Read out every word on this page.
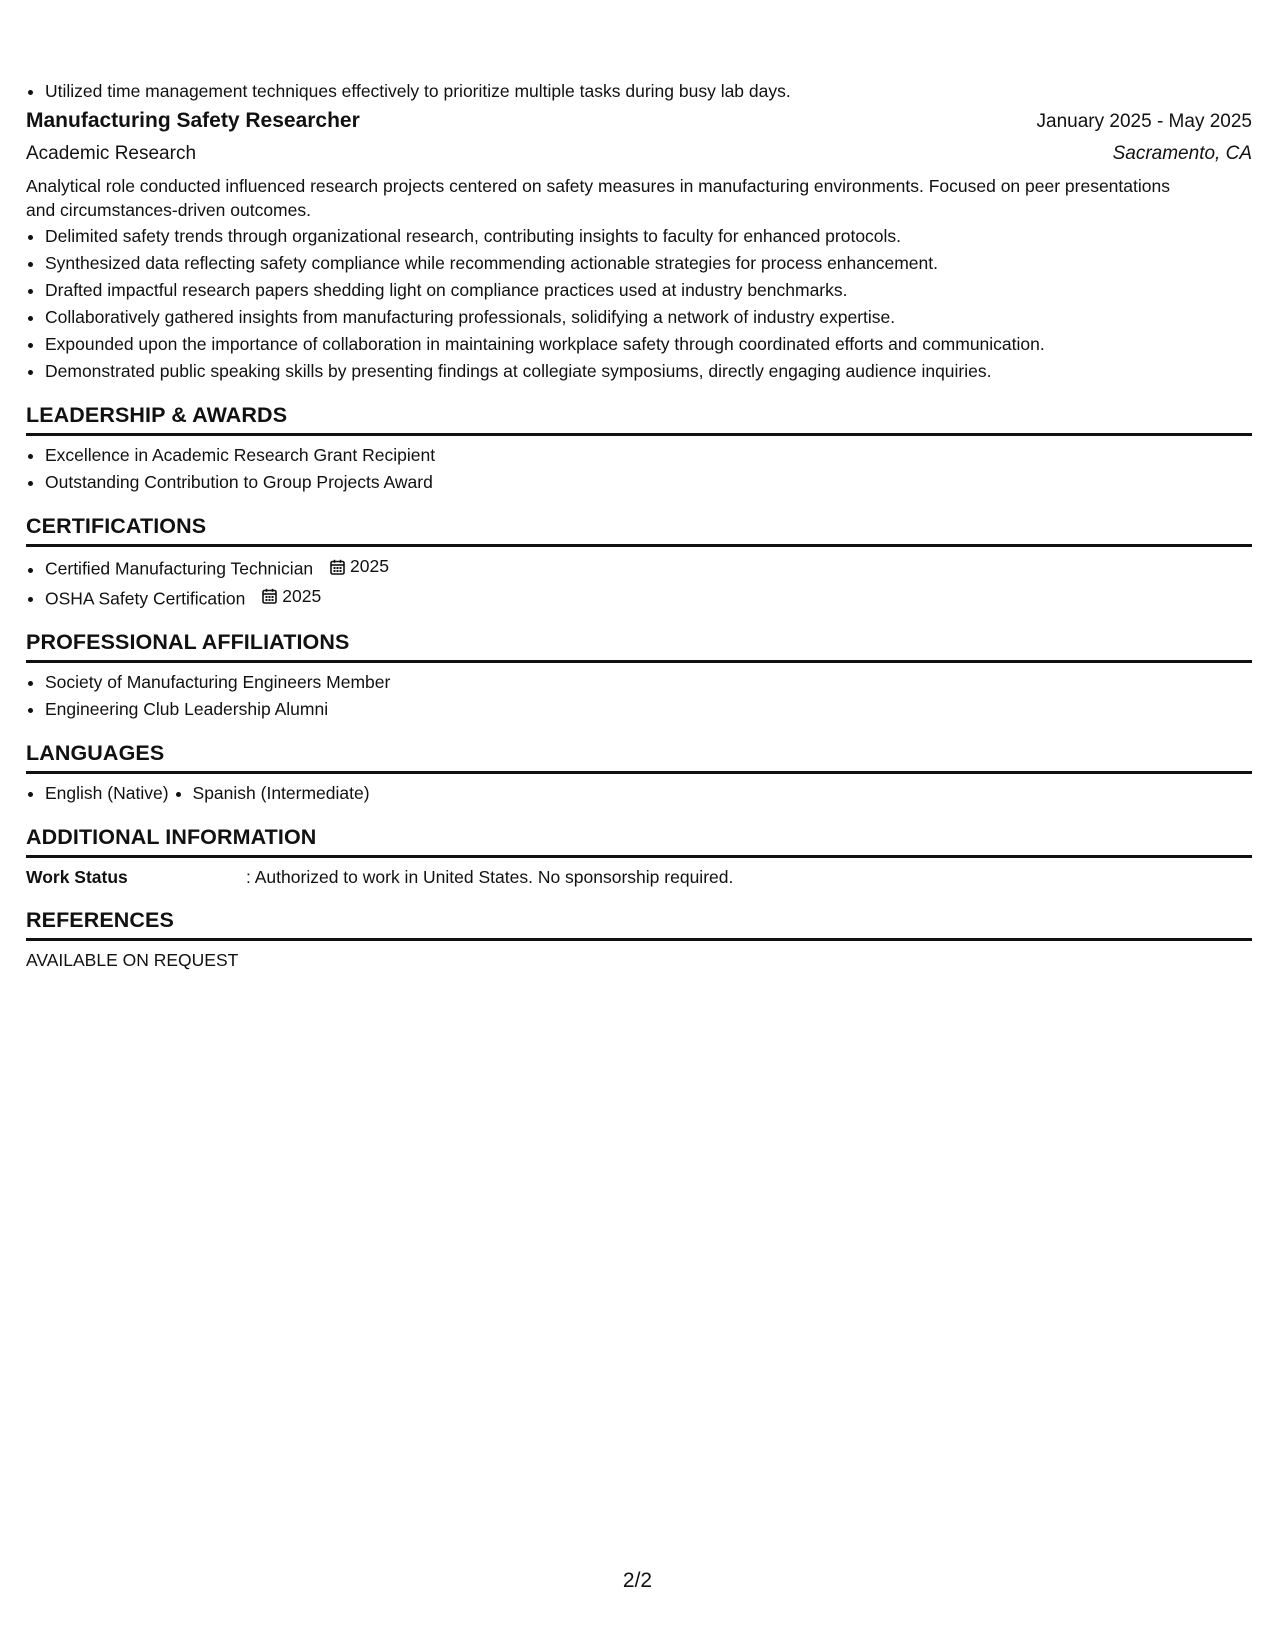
• Utilized time management techniques effectively to prioritize multiple tasks during busy lab days.
Manufacturing Safety Researcher	January 2025 - May 2025
Academic Research	Sacramento, CA

Analytical role conducted influenced research projects centered on safety measures in manufacturing environments. Focused on peer presentations and circumstances-driven outcomes.

• Delimited safety trends through organizational research, contributing insights to faculty for enhanced protocols.
• Synthesized data reflecting safety compliance while recommending actionable strategies for process enhancement.
• Drafted impactful research papers shedding light on compliance practices used at industry benchmarks.
• Collaboratively gathered insights from manufacturing professionals, solidifying a network of industry expertise.
• Expounded upon the importance of collaboration in maintaining workplace safety through coordinated efforts and communication.
• Demonstrated public speaking skills by presenting findings at collegiate symposiums, directly engaging audience inquiries.
LEADERSHIP & AWARDS
• Excellence in Academic Research Grant Recipient
• Outstanding Contribution to Group Projects Award
CERTIFICATIONS
• Certified Manufacturing Technician 2025
• OSHA Safety Certification 2025
PROFESSIONAL AFFILIATIONS
• Society of Manufacturing Engineers Member
• Engineering Club Leadership Alumni
LANGUAGES
• English (Native)
• Spanish (Intermediate)
ADDITIONAL INFORMATION
Work Status	: Authorized to work in United States. No sponsorship required.
REFERENCES
AVAILABLE ON REQUEST
2/2
